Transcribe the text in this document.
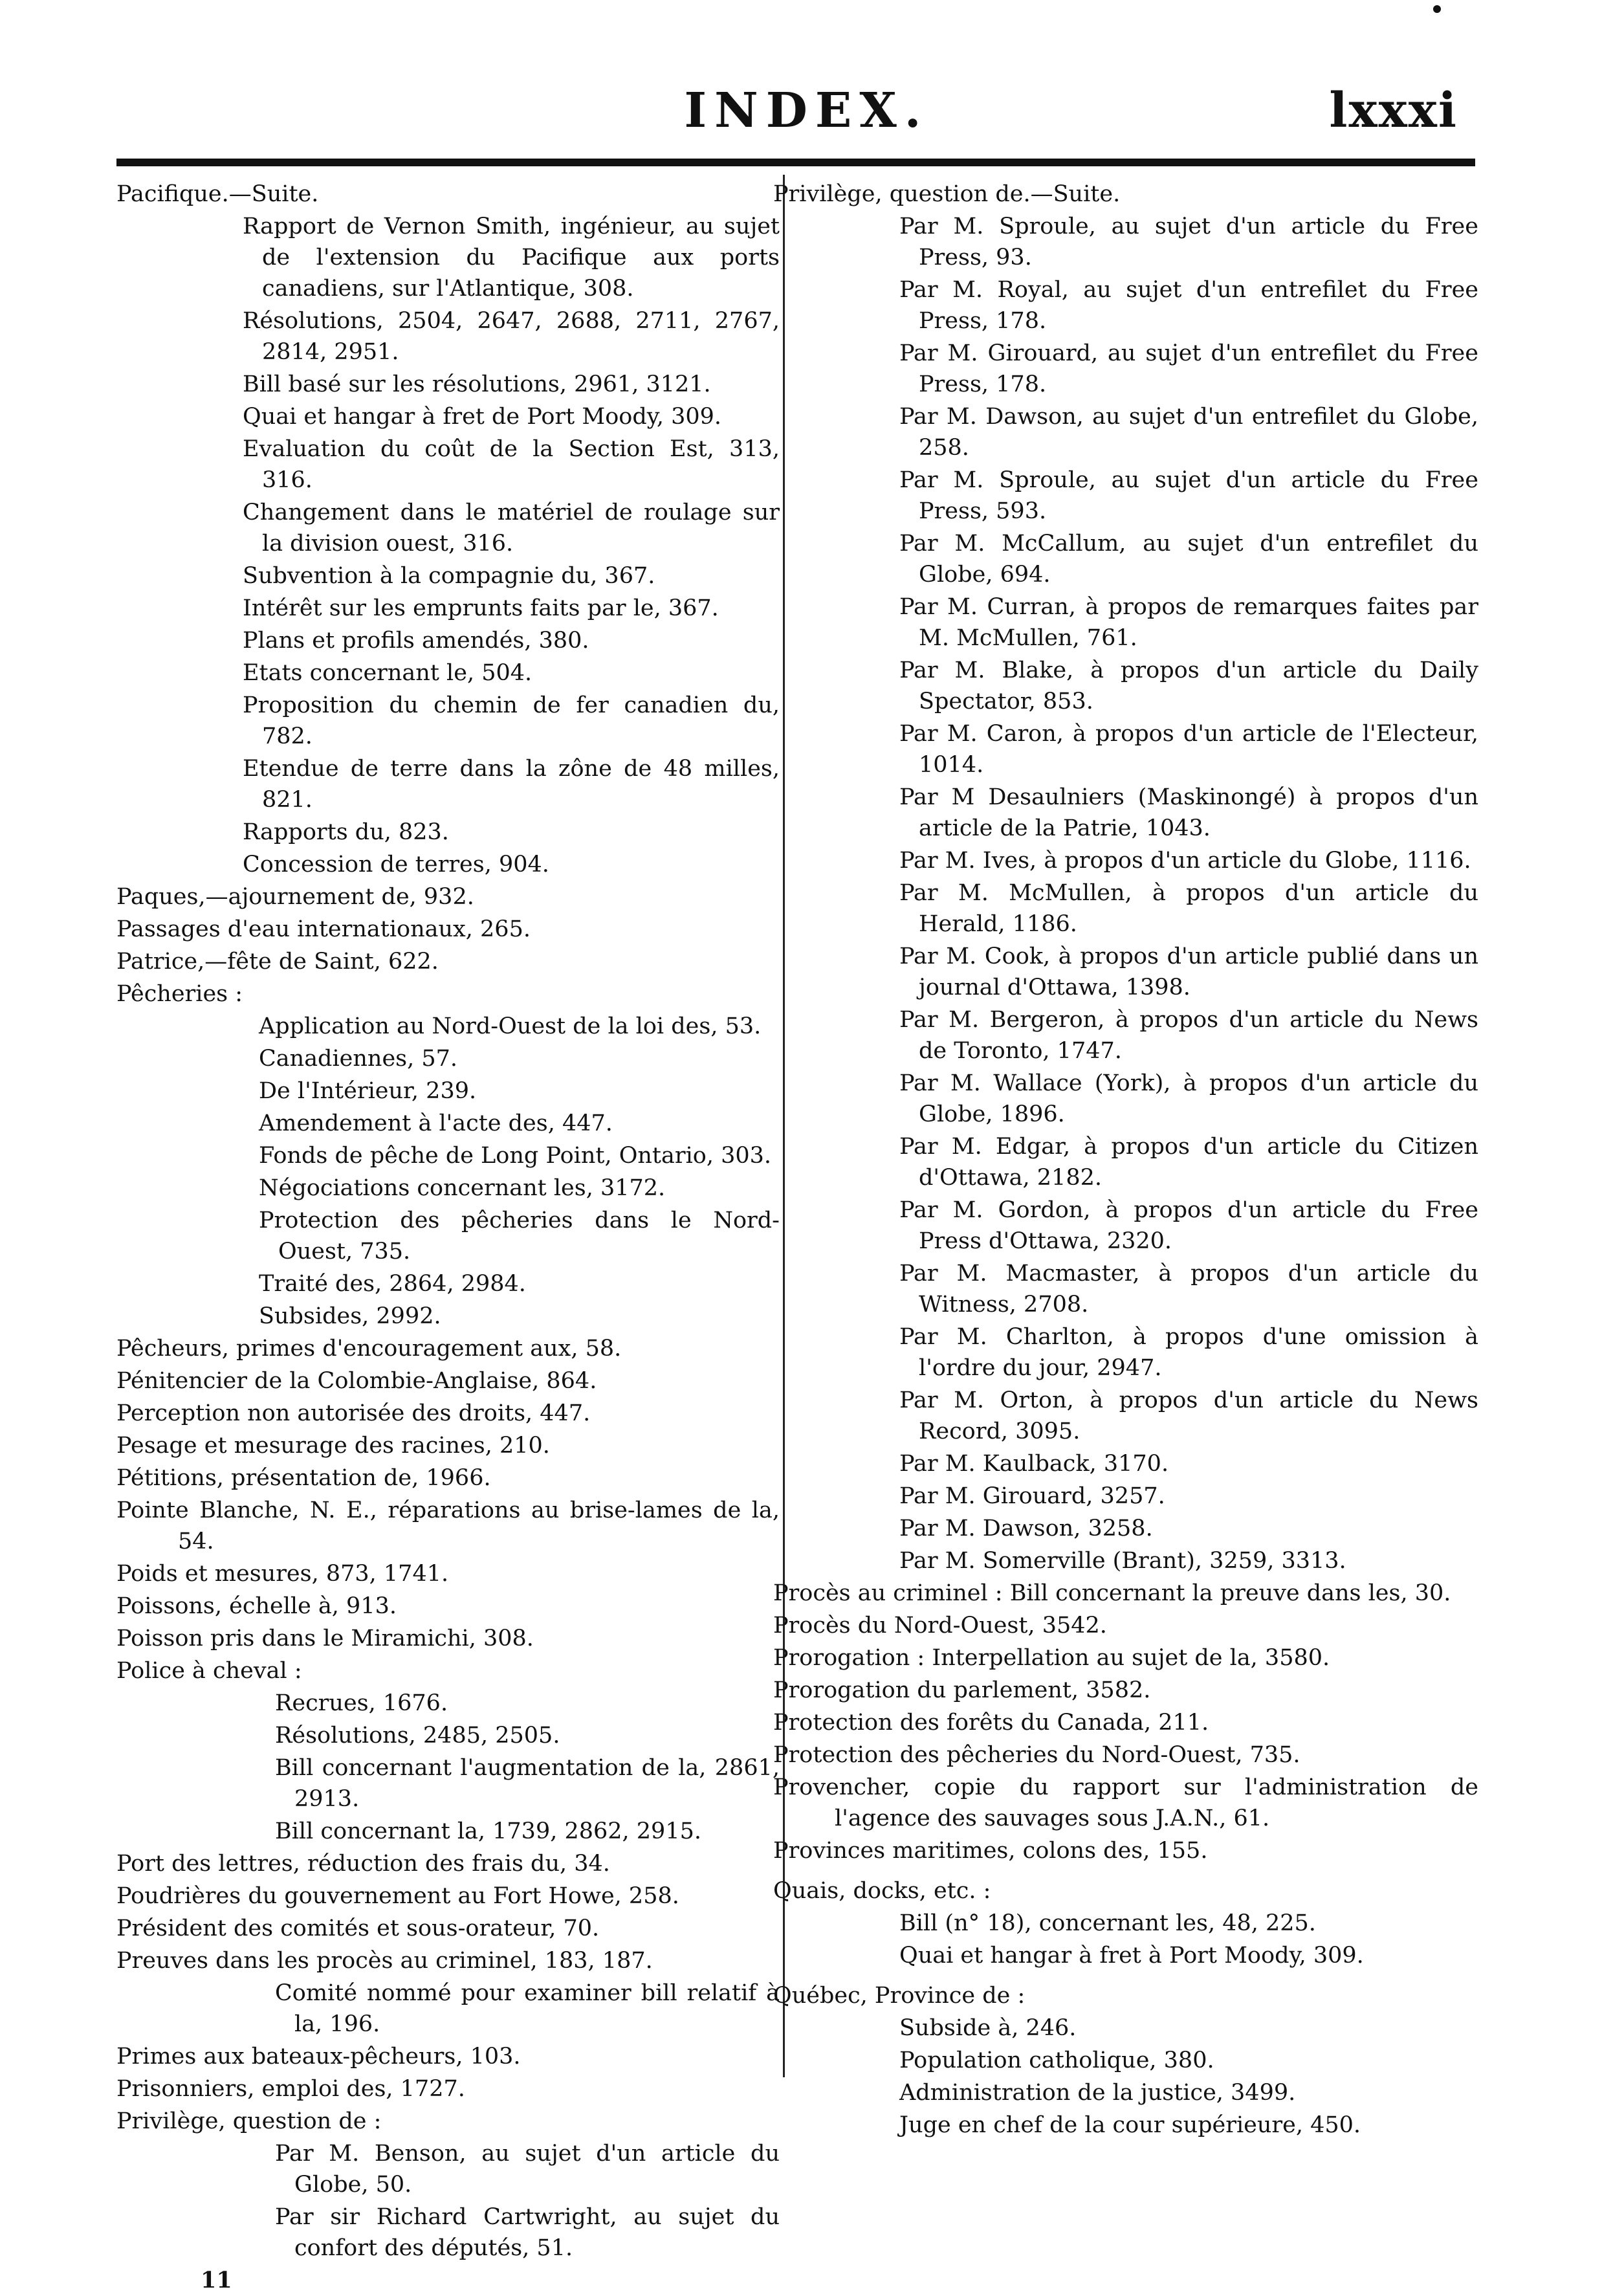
INDEX.	lxxxi
Pacifique.—Suite.
Rapport de Vernon Smith, ingénieur, au sujet de l'extension du Pacifique aux ports canadiens, sur l'Atlantique, 308.
Résolutions, 2504, 2647, 2688, 2711, 2767, 2814, 2951.
Bill basé sur les résolutions, 2961, 3121.
Quai et hangar à fret de Port Moody, 309.
Evaluation du coût de la Section Est, 313, 316.
Changement dans le matériel de roulage sur la division ouest, 316.
Subvention à la compagnie du, 367.
Intérêt sur les emprunts faits par le, 367.
Plans et profils amendés, 380.
Etats concernant le, 504.
Proposition du chemin de fer canadien du, 782.
Etendue de terre dans la zône de 48 milles, 821.
Rapports du, 823.
Concession de terres, 904.
Paques,—ajournement de, 932.
Passages d'eau internationaux, 265.
Patrice,—fête de Saint, 622.
Pêcheries :
Application au Nord-Ouest de la loi des, 53.
Canadiennes, 57.
De l'Intérieur, 239.
Amendement à l'acte des, 447.
Fonds de pêche de Long Point, Ontario, 303.
Négociations concernant les, 3172.
Protection des pêcheries dans le Nord-Ouest, 735.
Traité des, 2864, 2984.
Subsides, 2992.
Pêcheurs, primes d'encouragement aux, 58.
Pénitencier de la Colombie-Anglaise, 864.
Perception non autorisée des droits, 447.
Pesage et mesurage des racines, 210.
Pétitions, présentation de, 1966.
Pointe Blanche, N. E., réparations au brise-lames de la, 54.
Poids et mesures, 873, 1741.
Poissons, échelle à, 913.
Poisson pris dans le Miramichi, 308.
Police à cheval :
Recrues, 1676.
Résolutions, 2485, 2505.
Bill concernant l'augmentation de la, 2861, 2913.
Bill concernant la, 1739, 2862, 2915.
Port des lettres, réduction des frais du, 34.
Poudrières du gouvernement au Fort Howe, 258.
Président des comités et sous-orateur, 70.
Preuves dans les procès au criminel, 183, 187.
Comité nommé pour examiner bill relatif à la, 196.
Primes aux bateaux-pêcheurs, 103.
Prisonniers, emploi des, 1727.
Privilège, question de :
Par M. Benson, au sujet d'un article du Globe, 50.
Par sir Richard Cartwright, au sujet du confort des députés, 51.
11
Privilège, question de.—Suite.
Par M. Sproule, au sujet d'un article du Free Press, 93.
Par M. Royal, au sujet d'un entrefilet du Free Press, 178.
Par M. Girouard, au sujet d'un entrefilet du Free Press, 178.
Par M. Dawson, au sujet d'un entrefilet du Globe, 258.
Par M. Sproule, au sujet d'un article du Free Press, 593.
Par M. McCallum, au sujet d'un entrefilet du Globe, 694.
Par M. Curran, à propos de remarques faites par M. McMullen, 761.
Par M. Blake, à propos d'un article du Daily Spectator, 853.
Par M. Caron, à propos d'un article de l'Electeur, 1014.
Par M Desaulniers (Maskinongé) à propos d'un article de la Patrie, 1043.
Par M. Ives, à propos d'un article du Globe, 1116.
Par M. McMullen, à propos d'un article du Herald, 1186.
Par M. Cook, à propos d'un article publié dans un journal d'Ottawa, 1398.
Par M. Bergeron, à propos d'un article du News de Toronto, 1747.
Par M. Wallace (York), à propos d'un article du Globe, 1896.
Par M. Edgar, à propos d'un article du Citizen d'Ottawa, 2182.
Par M. Gordon, à propos d'un article du Free Press d'Ottawa, 2320.
Par M. Macmaster, à propos d'un article du Witness, 2708.
Par M. Charlton, à propos d'une omission à l'ordre du jour, 2947.
Par M. Orton, à propos d'un article du News Record, 3095.
Par M. Kaulback, 3170.
Par M. Girouard, 3257.
Par M. Dawson, 3258.
Par M. Somerville (Brant), 3259, 3313.
Procès au criminel : Bill concernant la preuve dans les, 30.
Procès du Nord-Ouest, 3542.
Prorogation : Interpellation au sujet de la, 3580.
Prorogation du parlement, 3582.
Protection des forêts du Canada, 211.
Protection des pêcheries du Nord-Ouest, 735.
Provencher, copie du rapport sur l'administration de l'agence des sauvages sous J.A.N., 61.
Provinces maritimes, colons des, 155.
Quais, docks, etc. :
Bill (n° 18), concernant les, 48, 225.
Quai et hangar à fret à Port Moody, 309.
Québec, Province de :
Subside à, 246.
Population catholique, 380.
Administration de la justice, 3499.
Juge en chef de la cour supérieure, 450.
